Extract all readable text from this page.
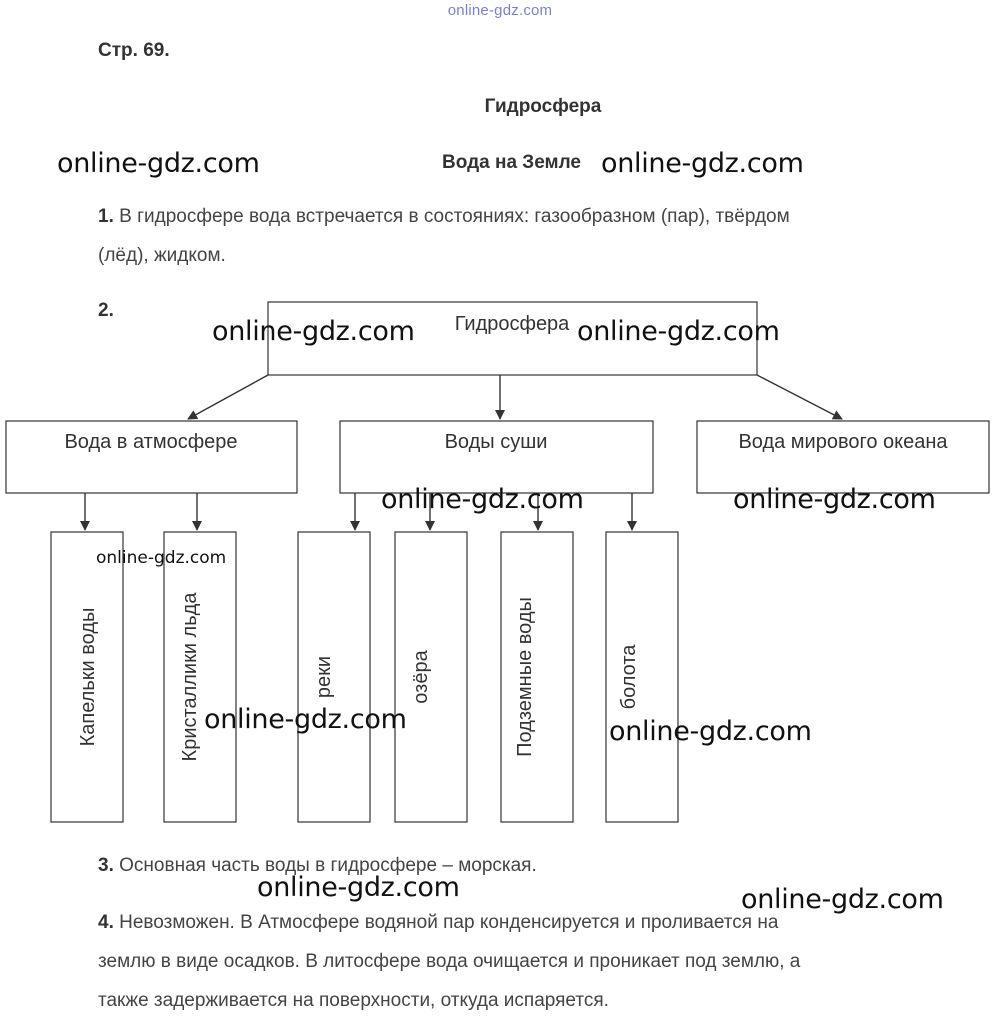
online-gdz.com
Стр. 69.
Гидросфера
Вода на Земле
1. В гидросфере вода встречается в состояниях: газообразном (пар), твёрдом
(лёд), жидком.
2.
Гидросфера
Вода в атмосфере	Воды суши	Вода мирового океана
Капельки воды	Кристаллики льда	реки	озёра	Подземные воды	болота
3. Основная часть воды в гидросфере – морская.
4. Невозможен. В Атмосфере водяной пар конденсируется и проливается на
землю в виде осадков. В литосфере вода очищается и проникает под землю, а
также задерживается на поверхности, откуда испаряется.
online-gdz.com	online-gdz.com
online-gdz.com	online-gdz.com
online-gdz.com	online-gdz.com
online-gdz.com
online-gdz.com	online-gdz.com
online-gdz.com	online-gdz.com
